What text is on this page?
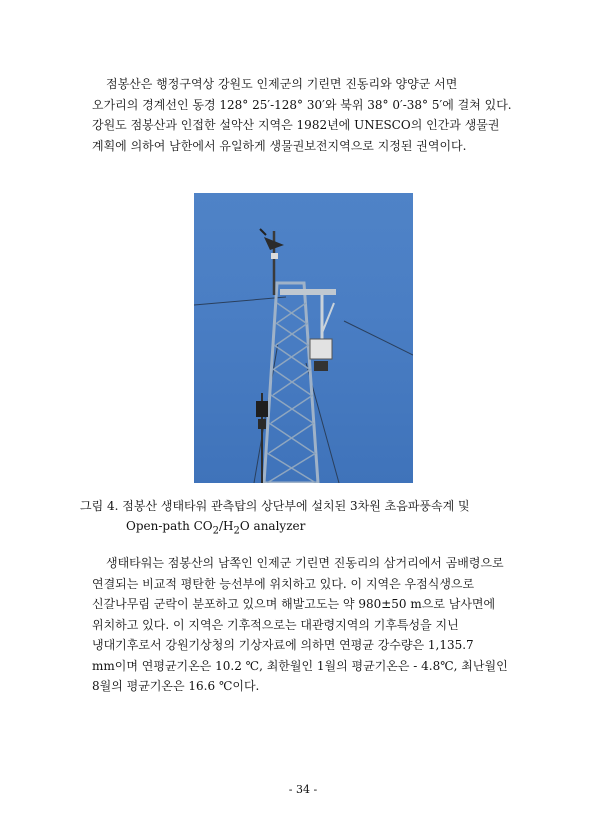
점봉산은 행정구역상 강원도 인제군의 기린면 진동리와 양양군 서면
오가리의 경계선인 동경 128° 25′-128° 30′와 북위 38° 0′-38° 5′에 걸쳐 있다.
강원도 점봉산과 인접한 설악산 지역은 1982년에 UNESCO의 인간과 생물권
계획에 의하여 남한에서 유일하게 생물권보전지역으로 지정된 권역이다.
그림 4. 점봉산 생태타워 관측탑의 상단부에 설치된 3차원 초음파풍속계 및
Open-path $CO_2/H_2O$ analyzer
생태타워는 점봉산의 남쪽인 인제군 기린면 진동리의 삼거리에서 곰배령으로
연결되는 비교적 평탄한 능선부에 위치하고 있다. 이 지역은 우점식생으로
신갈나무림 군락이 분포하고 있으며 해발고도는 약 980±50 m으로 남사면에
위치하고 있다. 이 지역은 기후적으로는 대관령지역의 기후특성을 지닌
냉대기후로서 강원기상청의 기상자료에 의하면 연평균 강수량은 1,135.7
mm이며 연평균기온은 10.2 ℃, 최한월인 1월의 평균기온은 - 4.8℃, 최난월인
8월의 평균기온은 16.6 ℃이다.
- 34 -
